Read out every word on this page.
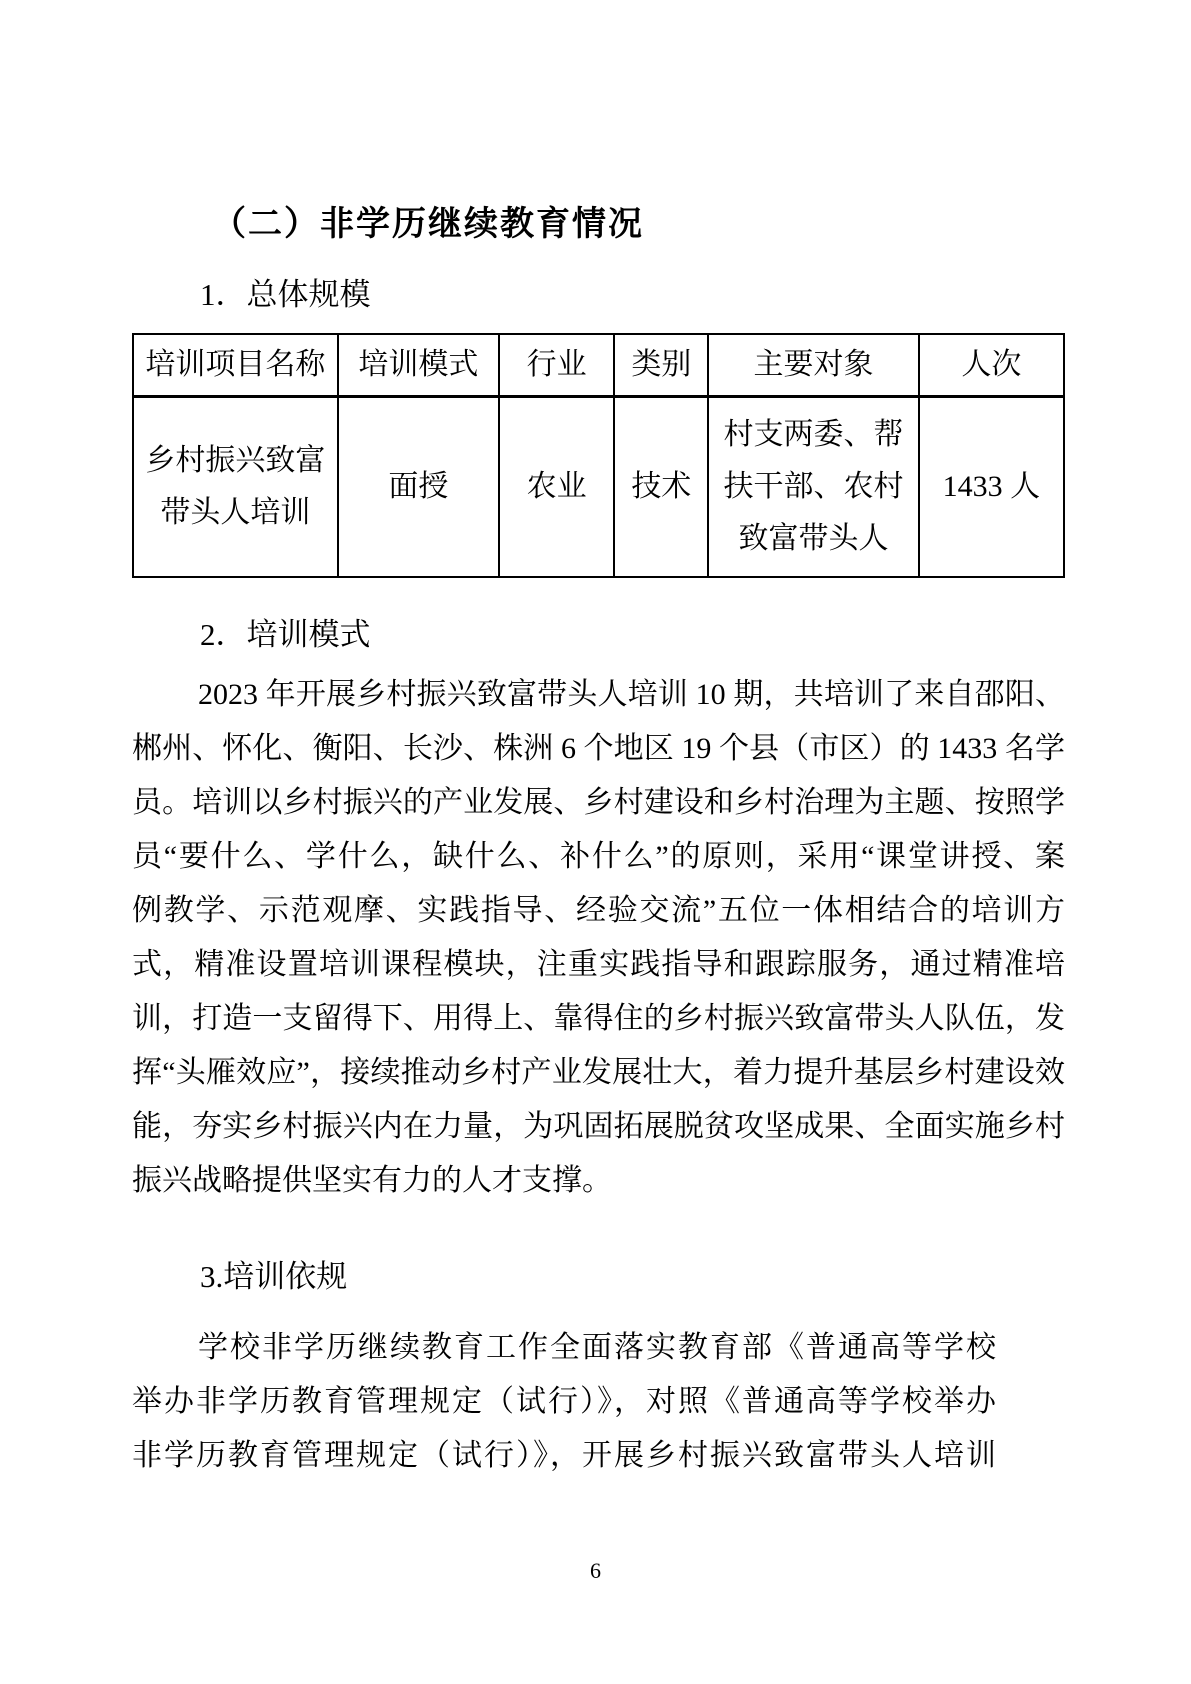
（二）非学历继续教育情况
1．总体规模
培训项目名称	培训模式	行业	类别	主要对象	人次
乡村振兴致富带头人培训	面授	农业	技术	村支两委、帮扶干部、农村致富带头人	1433 人
2．培训模式
2023 年开展乡村振兴致富带头人培训 10 期，共培训了来自邵阳、
郴州、怀化、衡阳、长沙、株洲 6 个地区 19 个县（市区）的 1433 名学
员。培训以乡村振兴的产业发展、乡村建设和乡村治理为主题、按照学
员“要什么、学什么，缺什么、补什么”的原则，采用“课堂讲授、案
例教学、示范观摩、实践指导、经验交流”五位一体相结合的培训方
式，精准设置培训课程模块，注重实践指导和跟踪服务，通过精准培
训，打造一支留得下、用得上、靠得住的乡村振兴致富带头人队伍，发
挥“头雁效应”，接续推动乡村产业发展壮大，着力提升基层乡村建设效
能，夯实乡村振兴内在力量，为巩固拓展脱贫攻坚成果、全面实施乡村
振兴战略提供坚实有力的人才支撑。
3.培训依规
学校非学历继续教育工作全面落实教育部《普通高等学校
举办非学历教育管理规定（试行）》，对照《普通高等学校举办
非学历教育管理规定（试行）》，开展乡村振兴致富带头人培训
6
